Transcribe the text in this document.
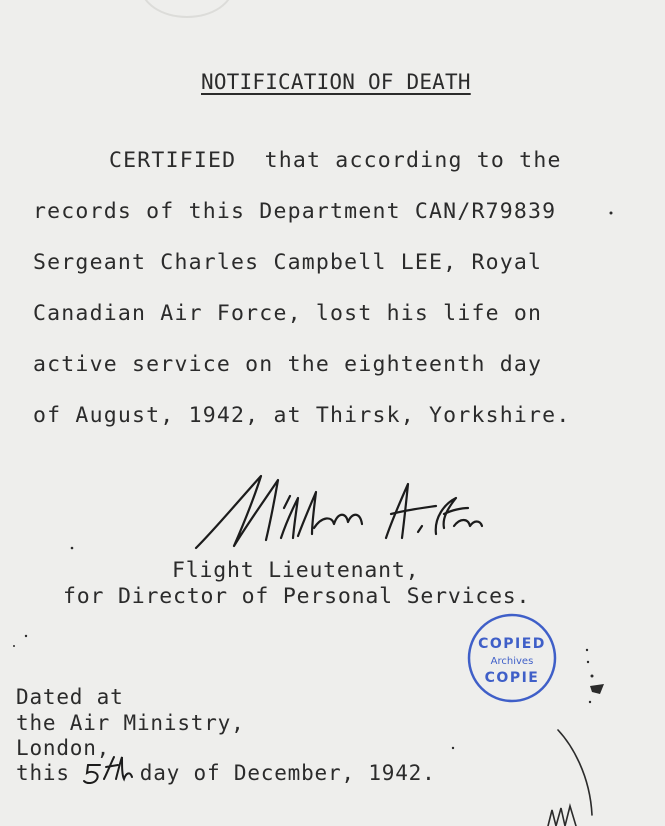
NOTIFICATION OF DEATH
CERTIFIED  that according to the
records of this Department CAN/R79839
Sergeant Charles Campbell LEE, Royal
Canadian Air Force, lost his life on
active service on the eighteenth day
of August, 1942, at Thirsk, Yorkshire.
Flight Lieutenant,
for Director of Personal Services.
COPIED
Archives
COPIE
Dated at
the Air Ministry,
London,
this	day of December, 1942.
